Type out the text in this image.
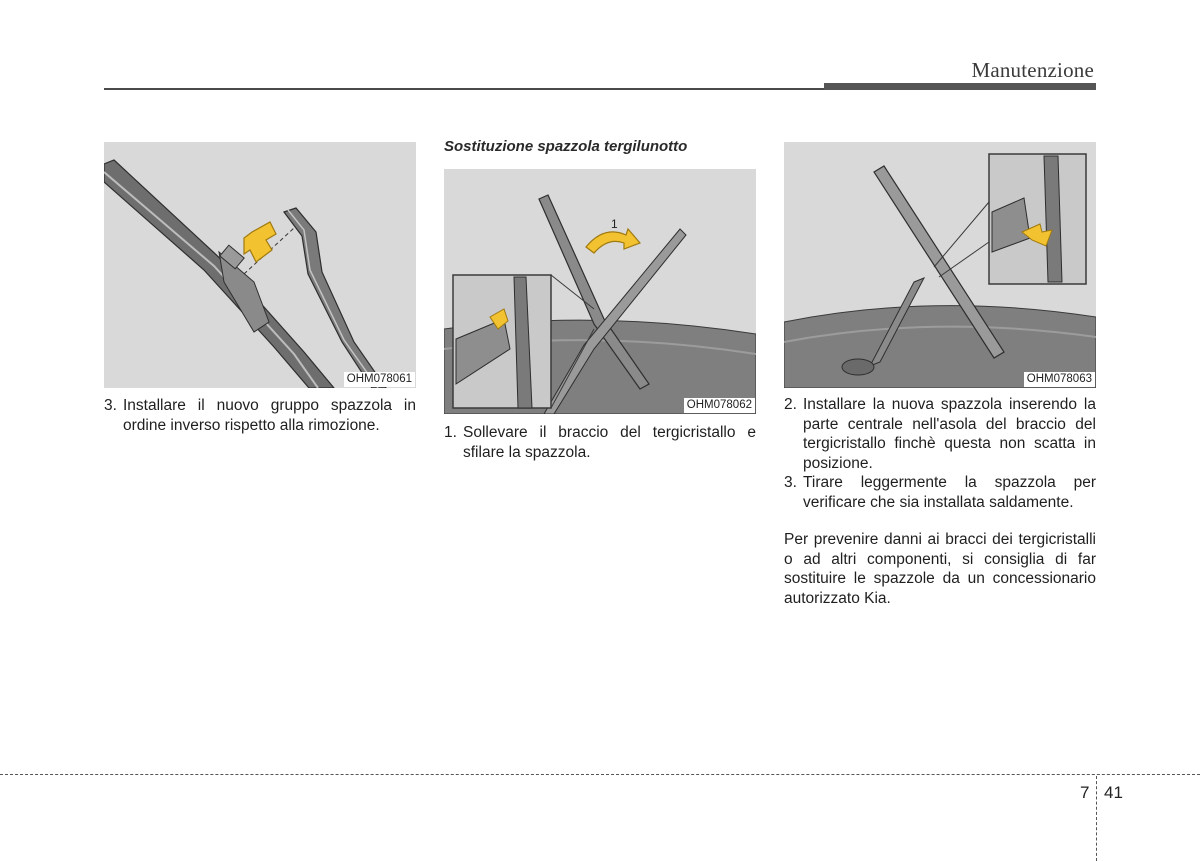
Manutenzione
OHM078061
Sostituzione spazzola tergilunotto
1
OHM078062
OHM078063
3. Installare il nuovo gruppo spazzola in ordine inverso rispetto alla rimozione.	1. Sollevare il braccio del tergicristallo e sfilare la spazzola.
2. Installare la nuova spazzola inserendo la parte centrale nell'asola del braccio del tergicristallo finchè questa non scatta in posizione.
3. Tirare leggermente la spazzola per verificare che sia installata saldamente.
Per prevenire danni ai bracci dei tergicristalli o ad altri componenti, si consiglia di far sostituire le spazzole da un concessionario autorizzato Kia.
7 41
